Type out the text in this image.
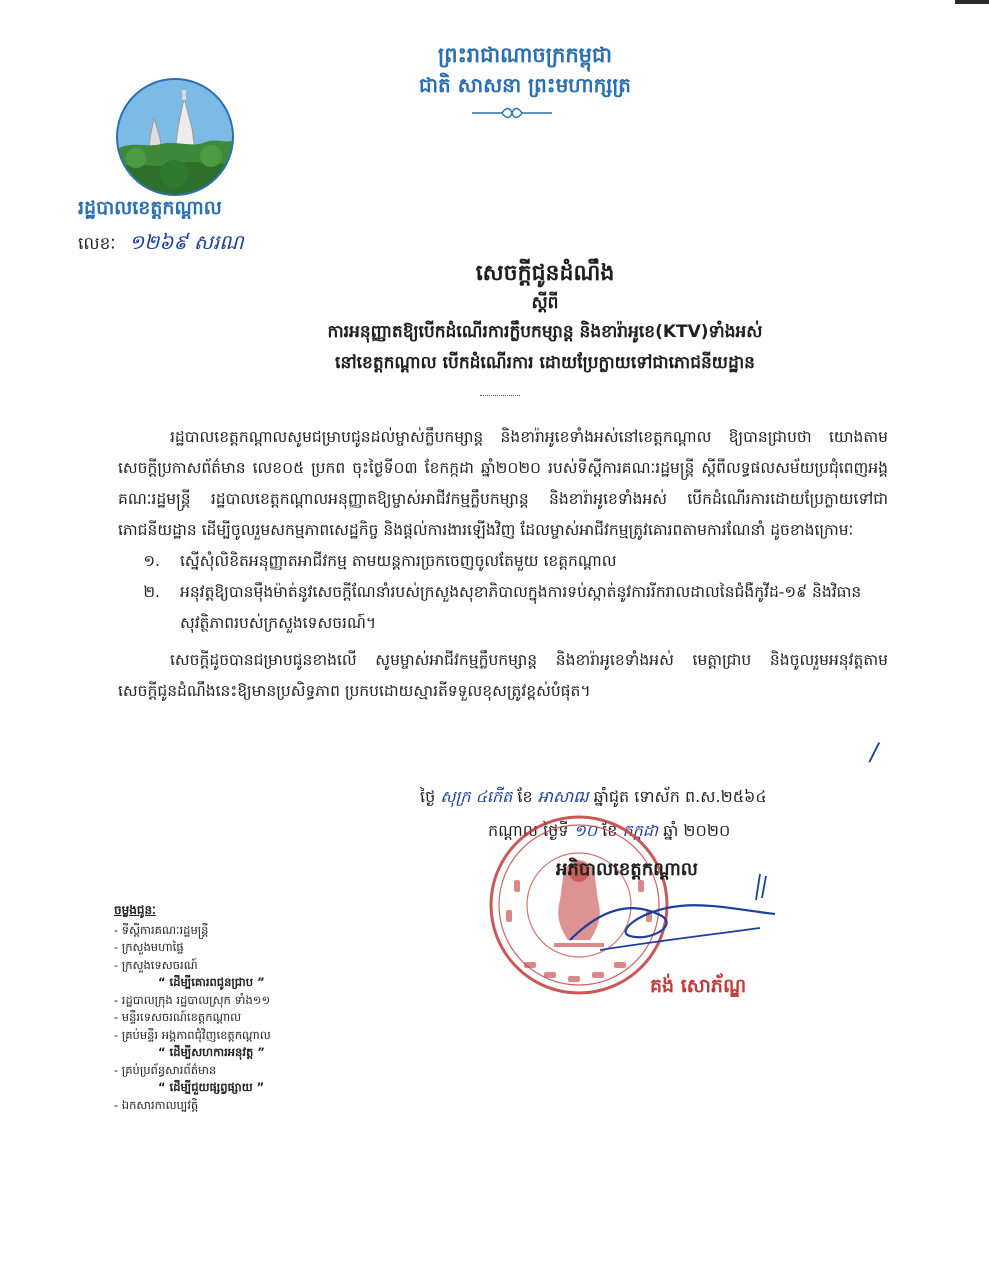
ព្រះរាជាណាចក្រកម្ពុជា
ជាតិ សាសនា ព្រះមហាក្សត្រ
រដ្ឋបាលខេត្តកណ្ដាល
លេខៈ ១២៦៩ សរណ
សេចក្ដីជូនដំណឹង
ស្ដីពី
ការអនុញ្ញាតឱ្យបើកដំណើរការក្លឹបកម្សាន្ត និងខារ៉ាអូខេ(KTV)ទាំងអស់
នៅខេត្តកណ្ដាល បើកដំណើរការ ដោយប្រែក្លាយទៅជាភោជនីយដ្ឋាន

រដ្ឋបាលខេត្តកណ្ដាលសូមជម្រាបជូនដល់ម្ចាស់ក្លឹបកម្សាន្ត និងខារ៉ាអូខេទាំងអស់នៅខេត្តកណ្ដាល ឱ្យបានជ្រាបថា យោងតាមសេចក្ដីប្រកាសព័ត៌មាន លេខ០៥ ប្រកព ចុះថ្ងៃទី០៣ ខែកក្កដា ឆ្នាំ២០២០ របស់ទីស្ដីការគណៈរដ្ឋមន្ត្រី ស្ដីពីលទ្ធផលសម័យប្រជុំពេញអង្គគណៈរដ្ឋមន្ត្រី រដ្ឋបាលខេត្តកណ្ដាលអនុញ្ញាតឱ្យម្ចាស់អាជីវកម្មក្លឹបកម្សាន្ត និងខារ៉ាអូខេទាំងអស់ បើកដំណើរការដោយប្រែក្លាយទៅជាភោជនីយដ្ឋាន ដើម្បីចូលរួមសកម្មភាពសេដ្ឋកិច្ច និងផ្ដល់ការងារឡើងវិញ ដែលម្ចាស់អាជីវកម្មត្រូវគោរពតាមការណែនាំ ដូចខាងក្រោមៈ

១.	ស្នើសុំលិខិតអនុញ្ញាតអាជីវកម្ម តាមយន្តការច្រកចេញចូលតែមួយ ខេត្តកណ្ដាល
២.	អនុវត្តឱ្យបានម៉ឺងម៉ាត់នូវសេចក្ដីណែនាំរបស់ក្រសួងសុខាភិបាលក្នុងការទប់ស្កាត់នូវការរីករាលដាលនៃជំងឺកូវីដ-១៩ និងវិធានសុវត្ថិភាពរបស់ក្រសួងទេសចរណ៍។

សេចក្ដីដូចបានជម្រាបជូនខាងលើ សូមម្ចាស់អាជីវកម្មក្លឹបកម្សាន្ត និងខារ៉ាអូខេទាំងអស់ មេត្តាជ្រាប និងចូលរួមអនុវត្តតាមសេចក្ដីជូនដំណឹងនេះឱ្យមានប្រសិទ្ធភាព ប្រកបដោយស្មារតីទទួលខុសត្រូវខ្ពស់បំផុត។

/
ថ្ងៃ សុក្រ ៤កើត ខែ អាសាឍ ឆ្នាំជូត ទោស័ក ព.ស.២៥៦៤
កណ្ដាល ថ្ងៃទី ១០ ខែ កក្កដា ឆ្នាំ ២០២០
អភិបាលខេត្តកណ្ដាល
គង់ សោភ័ណ្ឌ
ចម្លងជូនៈ
- ទីស្ដីការគណៈរដ្ឋមន្ត្រី
- ក្រសួងមហាផ្ទៃ
- ក្រសួងទេសចរណ៍
“ ដើម្បីគោរពជូនជ្រាប ”
- រដ្ឋបាលក្រុង រដ្ឋបាលស្រុក ទាំង១១
- មន្ទីរទេសចរណ៍ខេត្តកណ្ដាល
- គ្រប់មន្ទីរ អង្គភាពជុំវិញខេត្តកណ្ដាល
“ ដើម្បីសហការអនុវត្ត ”
- គ្រប់ប្រព័ន្ធសារព័ត៌មាន
“ ដើម្បីជួយផ្សព្វផ្សាយ ”
- ឯកសារកាលប្បវត្តិ
